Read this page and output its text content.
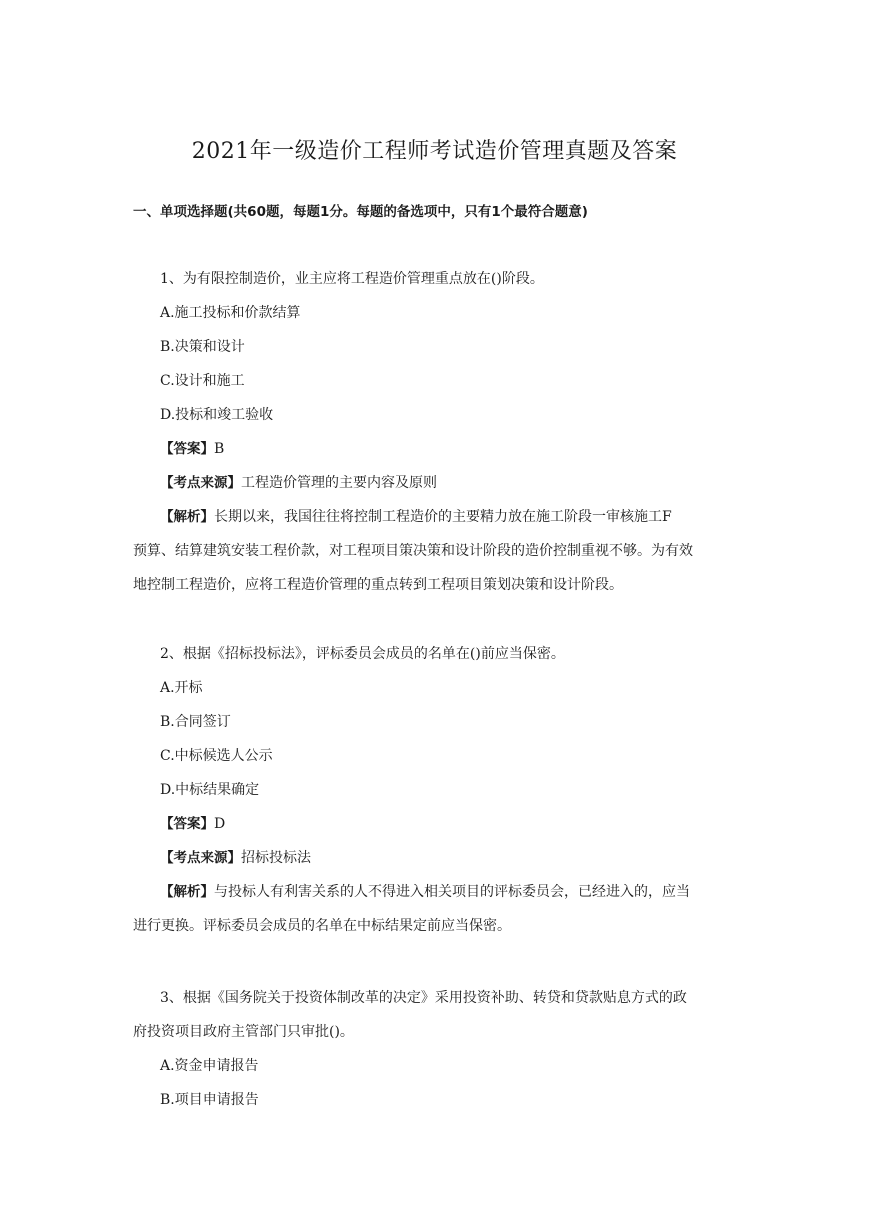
2021年一级造价工程师考试造价管理真题及答案
一、单项选择题(共60题，每题1分。每题的备选项中，只有1个最符合题意)
1、为有限控制造价，业主应将工程造价管理重点放在()阶段。
A.施工投标和价款结算
B.决策和设计
C.设计和施工
D.投标和竣工验收
【答案】B
【考点来源】工程造价管理的主要内容及原则
【解析】长期以来，我国往往将控制工程造价的主要精力放在施工阶段一审核施工F
预算、结算建筑安装工程价款，对工程项目策决策和设计阶段的造价控制重视不够。为有效
地控制工程造价，应将工程造价管理的重点转到工程项目策划决策和设计阶段。
2、根据《招标投标法》，评标委员会成员的名单在()前应当保密。
A.开标
B.合同签订
C.中标候选人公示
D.中标结果确定
【答案】D
【考点来源】招标投标法
【解析】与投标人有利害关系的人不得进入相关项目的评标委员会，已经进入的，应当
进行更换。评标委员会成员的名单在中标结果定前应当保密。
3、根据《国务院关于投资体制改革的决定》采用投资补助、转贷和贷款贴息方式的政
府投资项目政府主管部门只审批()。
A.资金申请报告
B.项目申请报告
